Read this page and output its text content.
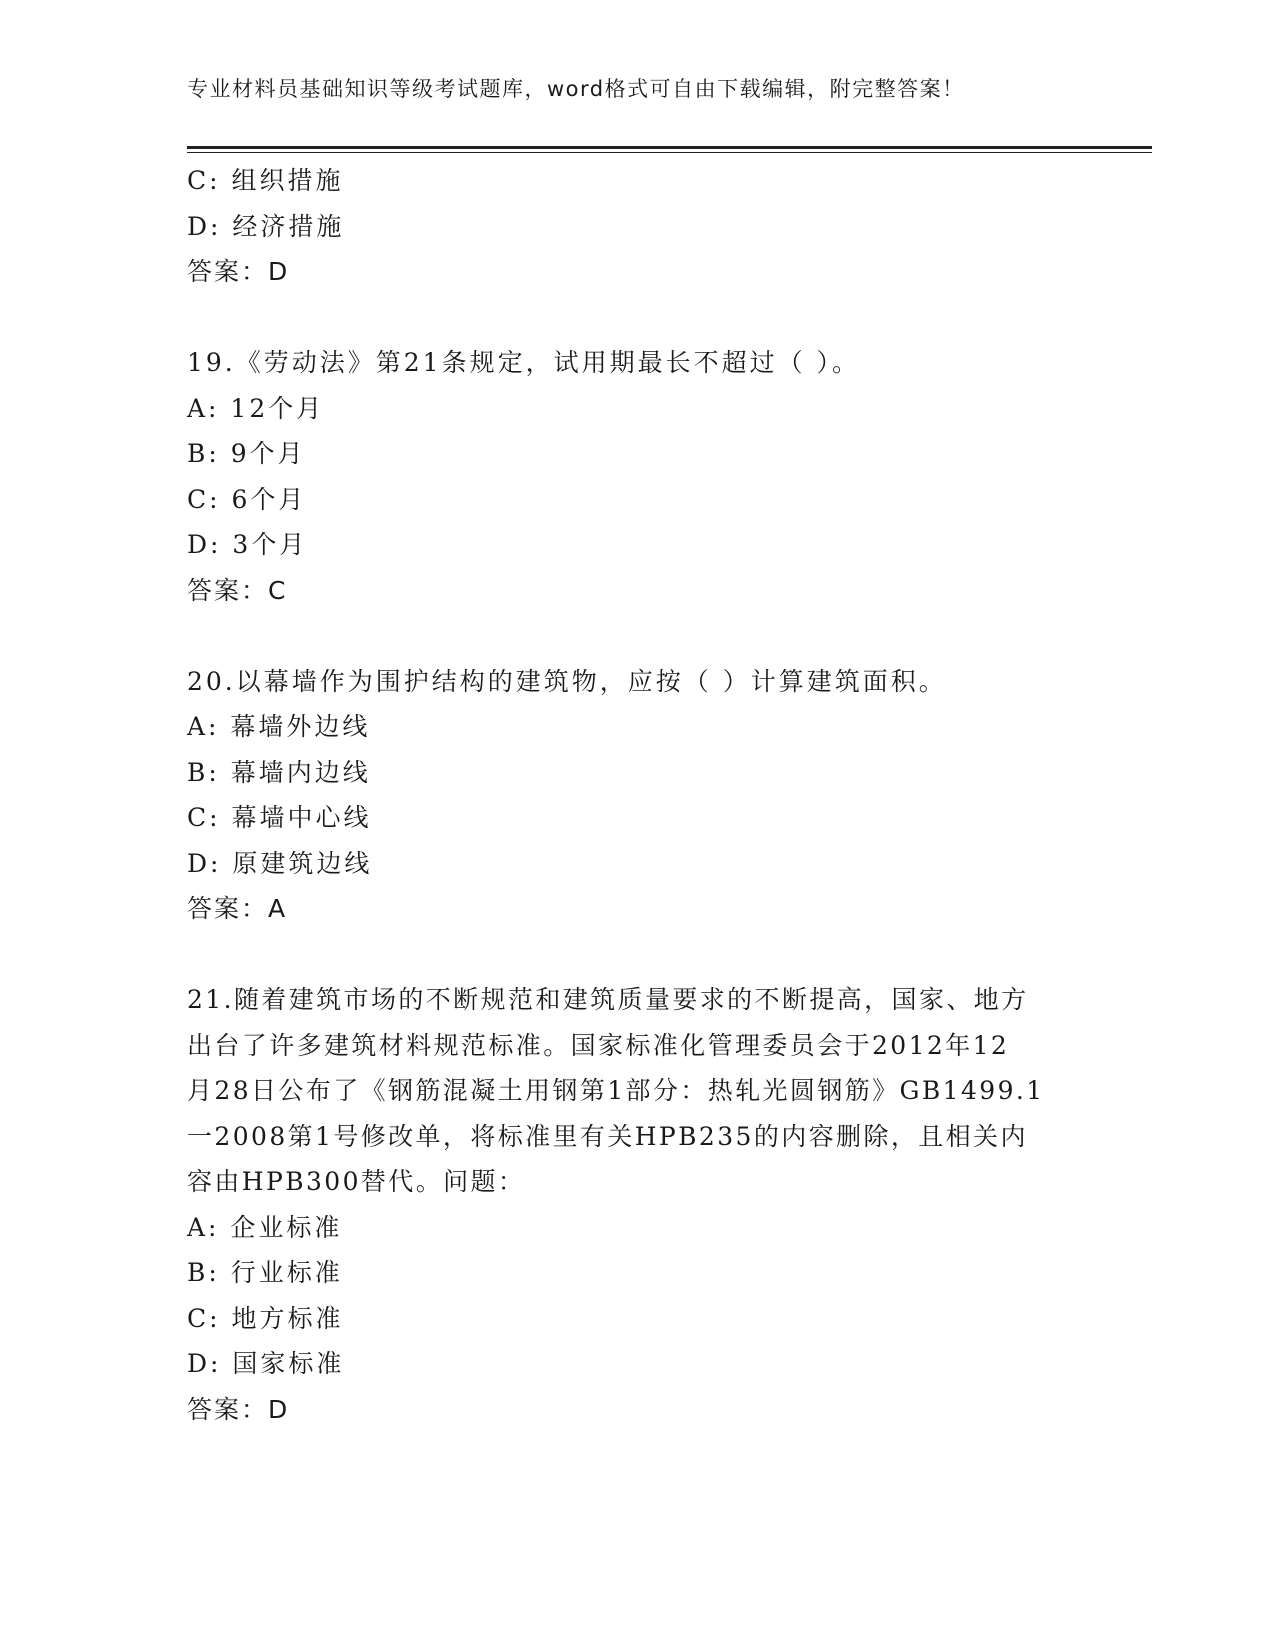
专业材料员基础知识等级考试题库，word格式可自由下载编辑，附完整答案！
C: 组织措施
D: 经济措施
答案：D
19.《劳动法》第21条规定，试用期最长不超过（ ）。
A: 12个月
B: 9个月
C: 6个月
D: 3个月
答案：C
20.以幕墙作为围护结构的建筑物，应按（ ）计算建筑面积。
A: 幕墙外边线
B: 幕墙内边线
C: 幕墙中心线
D: 原建筑边线
答案：A
21.随着建筑市场的不断规范和建筑质量要求的不断提高，国家、地方
出台了许多建筑材料规范标准。国家标准化管理委员会于2012年12
月28日公布了《钢筋混凝土用钢第1部分：热轧光圆钢筋》GB1499.1
一2008第1号修改单，将标准里有关HPB235的内容删除，且相关内
容由HPB300替代。问题：
A: 企业标准
B: 行业标准
C: 地方标准
D: 国家标准
答案：D
